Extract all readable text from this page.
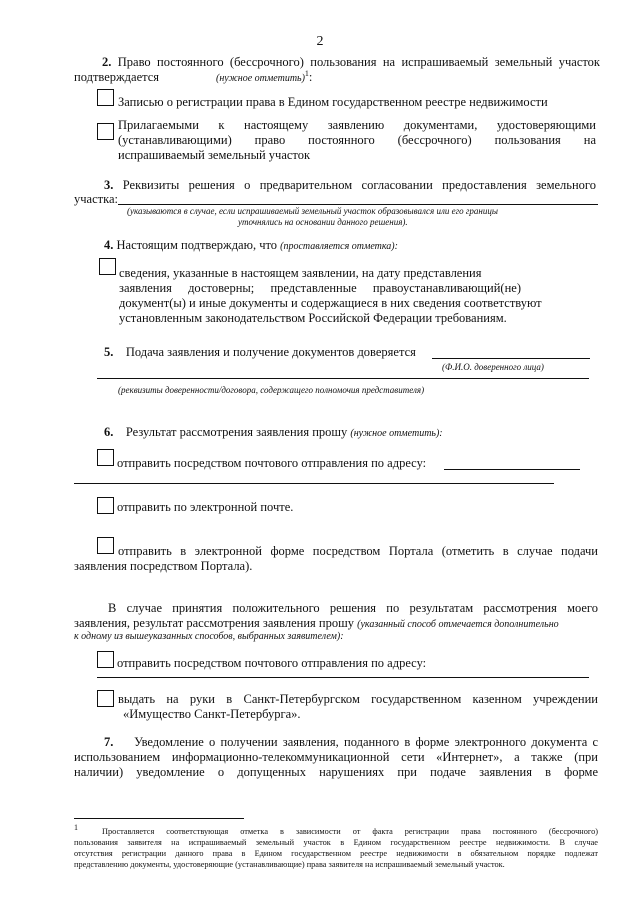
2
2. Право постоянного (бессрочного) пользования на испрашиваемый земельный участок подтверждается	(нужное отметить)$^1$:
Записью о регистрации права в Едином государственном реестре недвижимости
Прилагаемыми к настоящему заявлению документами, удостоверяющими
(устанавливающими) право постоянного (бессрочного) пользования на
испрашиваемый земельный участок
3. Реквизиты решения о предварительном согласовании предоставления земельного
участка:
(указываются в случае, если испрашиваемый земельный участок образовывался или его границы
уточнялись на основании данного решения).
4. Настоящим подтверждаю, что (проставляется отметка):
сведения, указанные в настоящем заявлении, на дату представления
заявления достоверны; представленные правоустанавливающий(не)
документ(ы) и иные документы и содержащиеся в них сведения соответствуют
установленным законодательством Российской Федерации требованиям.
5. Подача заявления и получение документов доверяется
(Ф.И.О. доверенного лица)
(реквизиты доверенности/договора, содержащего полномочия представителя)
6. Результат рассмотрения заявления прошу (нужное отметить):
отправить посредством почтового отправления по адресу:
отправить по электронной почте.
отправить в электронной форме посредством Портала (отметить в случае подачи
заявления посредством Портала).
В случае принятия положительного решения по результатам рассмотрения моего
заявления, результат рассмотрения заявления прошу (указанный способ отмечается дополнительно
к одному из вышеуказанных способов, выбранных заявителем):
отправить посредством почтового отправления по адресу:
выдать на руки в Санкт-Петербургском государственном казенном учреждении
«Имущество Санкт-Петербурга».
7. Уведомление о получении заявления, поданного в форме электронного документа с
использованием информационно-телекоммуникационной сети «Интернет», а также (при
наличии) уведомление о допущенных нарушениях при подаче заявления в форме
$^1$	Проставляется соответствующая отметка в зависимости от факта регистрации права постоянного (бессрочного)
пользования заявителя на испрашиваемый земельный участок в Едином государственном реестре недвижимости. В случае
отсутствия регистрации данного права в Едином государственном реестре недвижимости в обязательном порядке подлежат
представлению документы, удостоверяющие (устанавливающие) права заявителя на испрашиваемый земельный участок.
